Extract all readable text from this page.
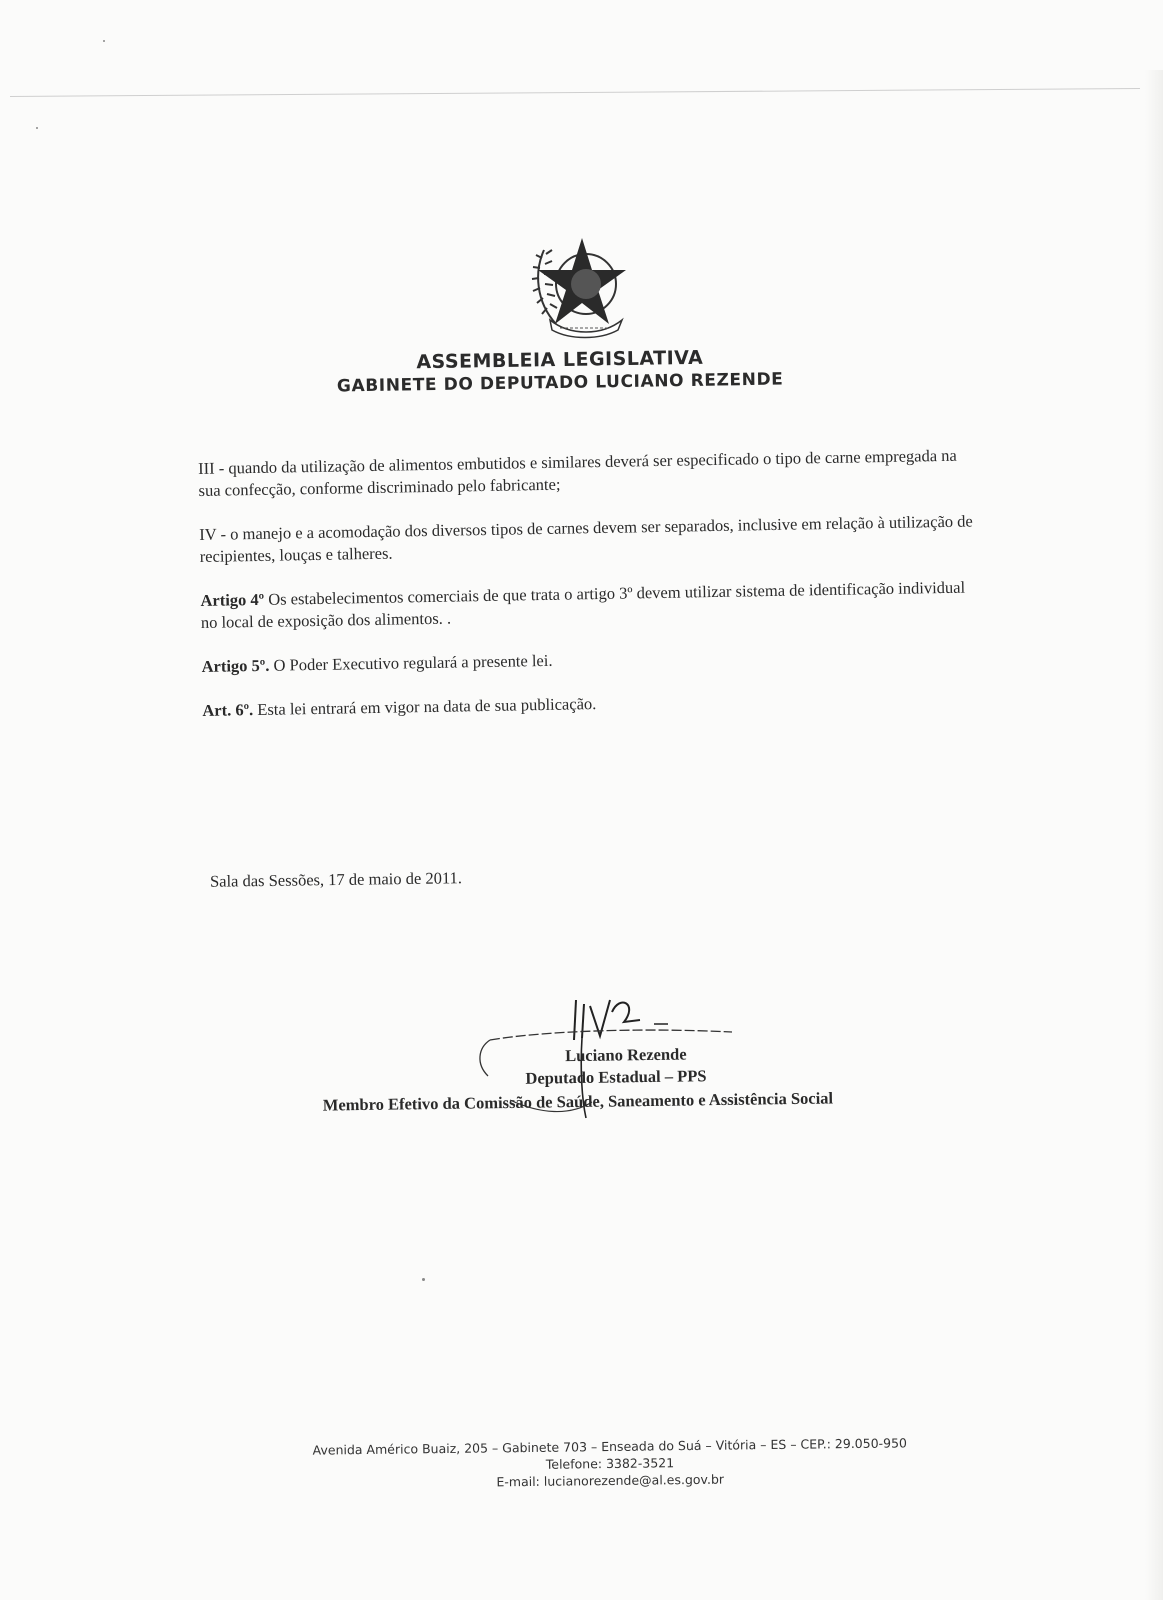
ASSEMBLEIA LEGISLATIVA
GABINETE DO DEPUTADO LUCIANO REZENDE

III - quando da utilização de alimentos embutidos e similares deverá ser especificado o tipo de carne empregada na sua confecção, conforme discriminado pelo fabricante;

IV - o manejo e a acomodação dos diversos tipos de carnes devem ser separados, inclusive em relação à utilização de recipientes, louças e talheres.

Artigo 4º Os estabelecimentos comerciais de que trata o artigo 3º devem utilizar sistema de identificação individual no local de exposição dos alimentos. .

Artigo 5º. O Poder Executivo regulará a presente lei.

Art. 6º. Esta lei entrará em vigor na data de sua publicação.

Sala das Sessões, 17 de maio de 2011.
Luciano Rezende
Deputado Estadual – PPS
Membro Efetivo da Comissão de Saúde, Saneamento e Assistência Social
Avenida Américo Buaiz, 205 – Gabinete 703 – Enseada do Suá – Vitória – ES – CEP.: 29.050-950
Telefone: 3382-3521
E-mail: lucianorezende@al.es.gov.br
